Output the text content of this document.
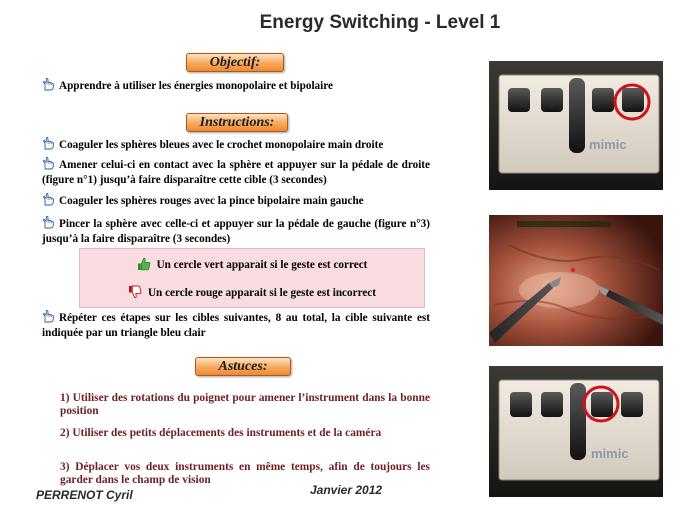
Energy Switching - Level 1
Objectif:
Apprendre à utiliser les énergies monopolaire et bipolaire
Instructions:
Coaguler les sphères bleues avec le crochet monopolaire main droite
Amener celui-ci en contact avec la sphère et appuyer sur la pédale de droite (figure n°1) jusqu’à faire disparaître cette cible (3 secondes)
Coaguler les sphères rouges avec la pince bipolaire main gauche
Pincer la sphère avec celle-ci et appuyer sur la pédale de gauche (figure n°3) jusqu’à la faire disparaître (3 secondes)
Un cercle vert apparait si le geste est correct
Un cercle rouge apparait si le geste est incorrect
Répéter ces étapes sur les cibles suivantes, 8 au total, la cible suivante est indiquée par un triangle bleu clair
Astuces:
1) Utiliser des rotations du poignet pour amener l’instrument dans la bonne position
2) Utiliser des petits déplacements des instruments et de la caméra
3) Déplacer vos deux instruments en même temps, afin de toujours les garder dans le champ de vision
PERRENOT Cyril	Janvier 2012
mimic
mimic
